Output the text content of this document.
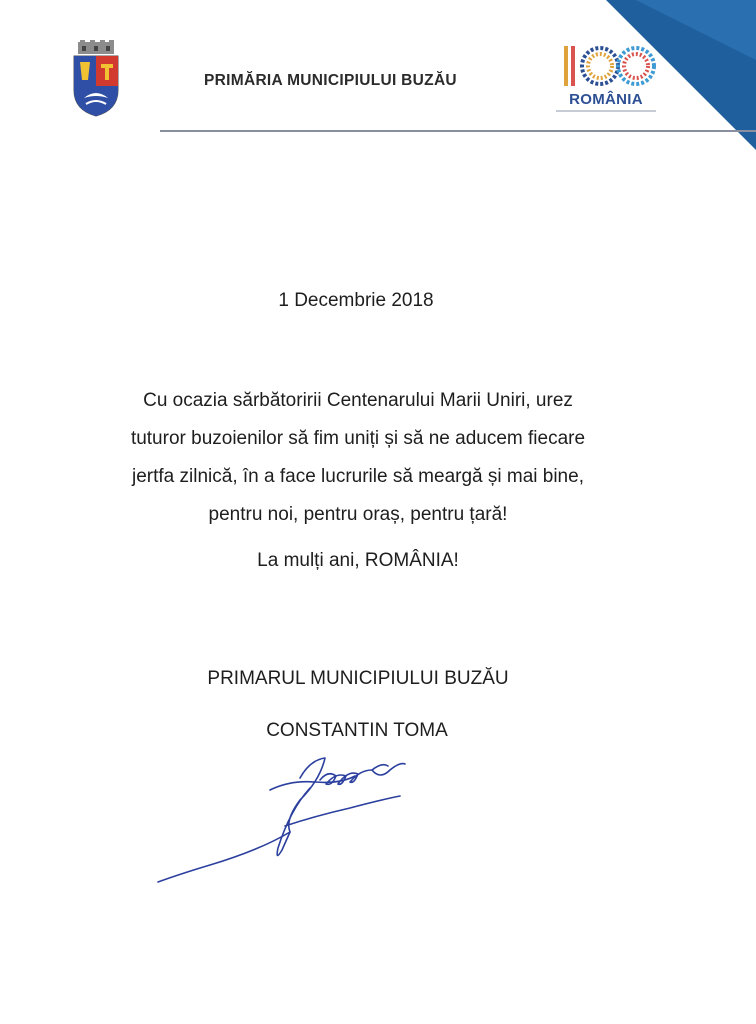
PRIMĂRIA MUNICIPIULUI BUZĂU
ROMÂNIA
1 Decembrie 2018
Cu ocazia sărbătoririi Centenarului Marii Uniri, urez
tuturor buzoienilor să fim uniți și să ne aducem fiecare
jertfa zilnică, în a face lucrurile să meargă și mai bine,
pentru noi, pentru oraș, pentru țară!
La mulți ani, ROMÂNIA!
PRIMARUL MUNICIPIULUI BUZĂU
CONSTANTIN TOMA
